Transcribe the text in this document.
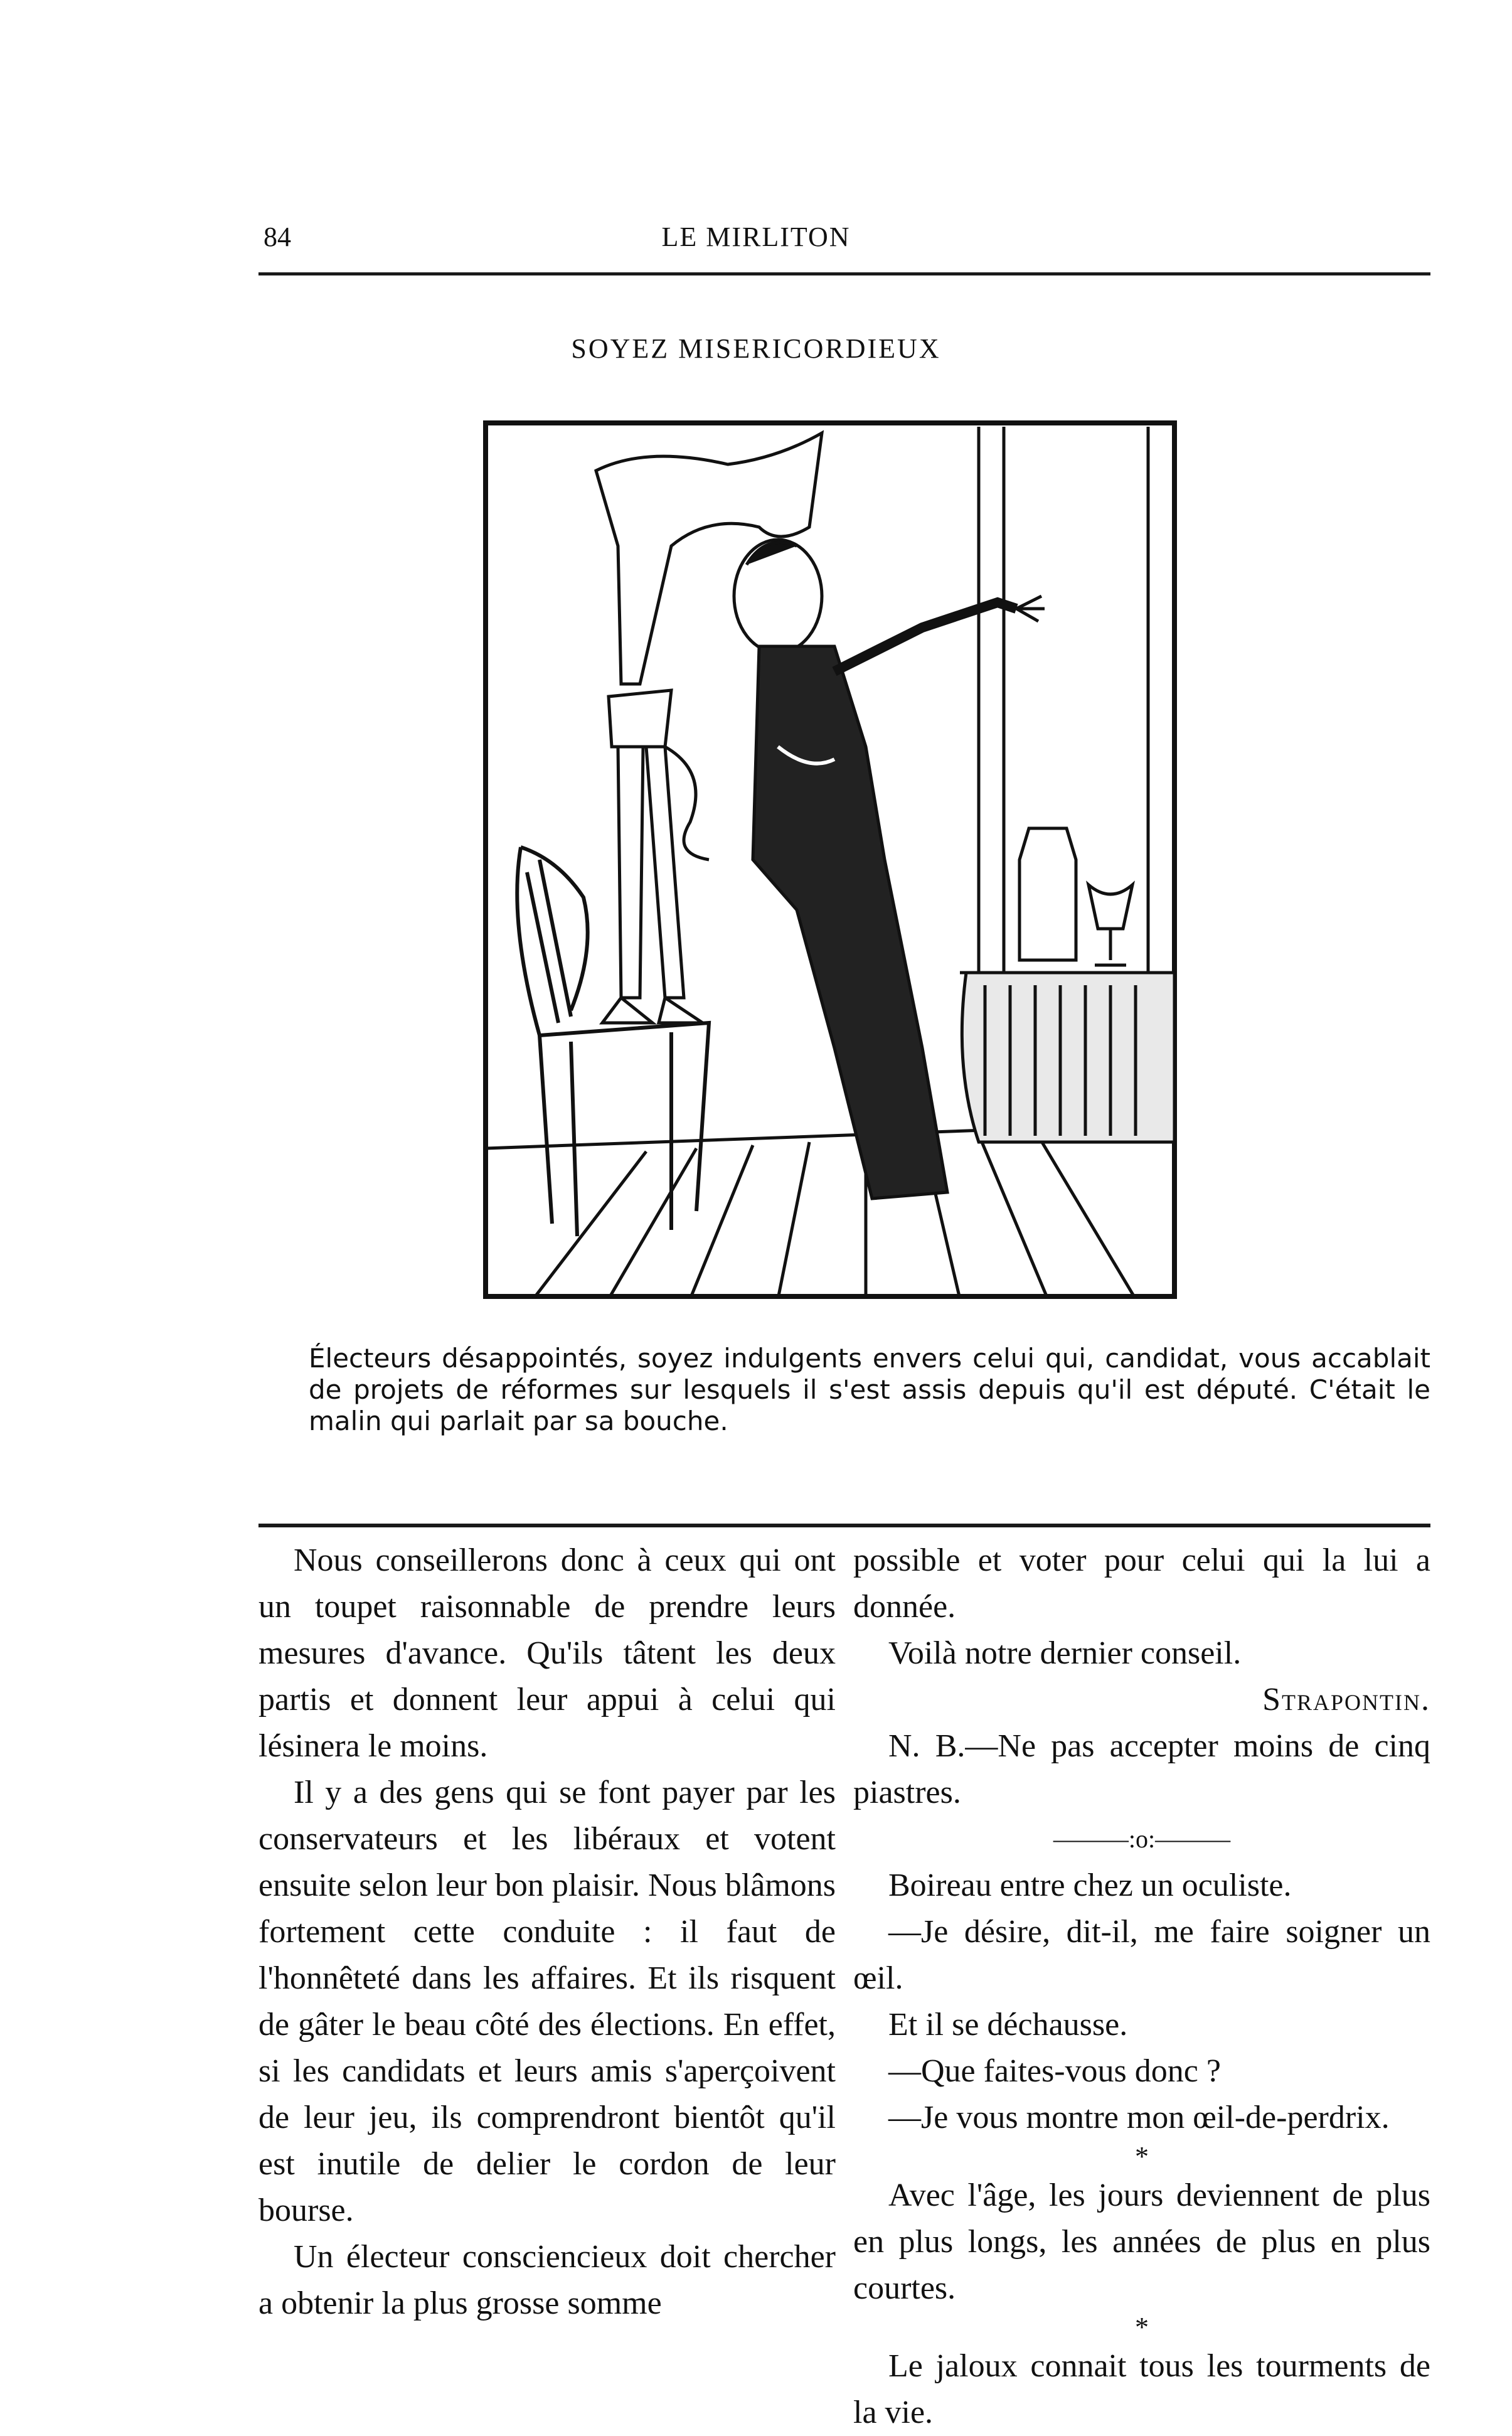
84	LE MIRLITON
SOYEZ MISERICORDIEUX
Électeurs désappointés, soyez indulgents envers celui qui, candidat, vous accablait de projets de réformes sur lesquels il s'est assis depuis qu'il est député. C'était le malin qui parlait par sa bouche.

Nous conseillerons donc à ceux qui ont un toupet raisonnable de prendre leurs mesures d'avance. Qu'ils tâtent les deux partis et donnent leur appui à celui qui lésinera le moins.

Il y a des gens qui se font payer par les conservateurs et les libéraux et votent ensuite selon leur bon plaisir. Nous blâmons fortement cette conduite : il faut de l'honnêteté dans les affaires. Et ils risquent de gâter le beau côté des élections. En effet, si les candidats et leurs amis s'aperçoivent de leur jeu, ils comprendront bientôt qu'il est inutile de delier le cordon de leur bourse.

Un électeur consciencieux doit chercher a obtenir la plus grosse somme

possible et voter pour celui qui la lui a donnée.

Voilà notre dernier conseil.

Strapontin.

N. B.—Ne pas accepter moins de cinq piastres.

———:o:———

Boireau entre chez un oculiste.

—Je désire, dit-il, me faire soigner un œil.

Et il se déchausse.

—Que faites-vous donc ?

—Je vous montre mon œil-de-perdrix.

*

Avec l'âge, les jours deviennent de plus en plus longs, les années de plus en plus courtes.

*

Le jaloux connait tous les tourments de la vie.
